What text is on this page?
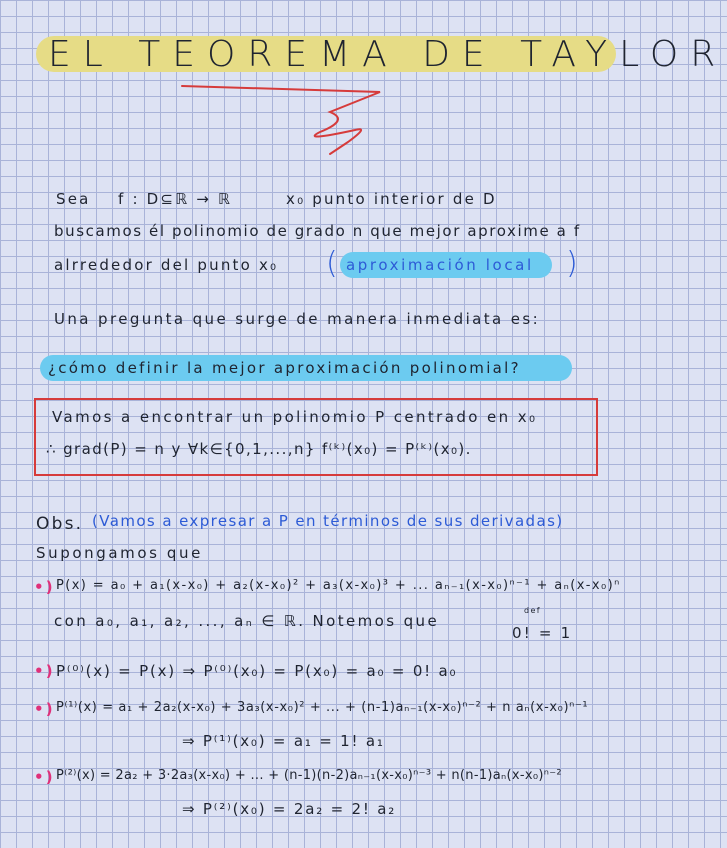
EL TEOREMA DE TAYLOR
Sea f : D⊆ℝ → ℝ	x₀ punto interior de D
buscamos él polinomio de grado n que mejor aproxime a f
alrrededor del punto x₀ ( aproximación local )
Una pregunta que surge de manera inmediata es:
¿cómo definir la mejor aproximación polinomial?
Vamos a encontrar un polinomio P centrado en x₀
∴ grad(P) = n y ∀k∈{0,1,...,n} f⁽ᵏ⁾(x₀) = P⁽ᵏ⁾(x₀).
Obs. (Vamos a expresar a P en términos de sus derivadas)
Supongamos que
•) P(x) = a₀ + a₁(x-x₀) + a₂(x-x₀)² + a₃(x-x₀)³ + ... aₙ₋₁(x-x₀)ⁿ⁻¹ + aₙ(x-x₀)ⁿ
con a₀, a₁, a₂, ..., aₙ ∈ ℝ. Notemos que
def
0! = 1
•) P⁽⁰⁾(x) = P(x) ⇒ P⁽⁰⁾(x₀) = P(x₀) = a₀ = 0! a₀
•) P⁽¹⁾(x) = a₁ + 2a₂(x-x₀) + 3a₃(x-x₀)² + ... + (n-1)aₙ₋₁(x-x₀)ⁿ⁻² + n aₙ(x-x₀)ⁿ⁻¹
⇒ P⁽¹⁾(x₀) = a₁ = 1! a₁
•) P⁽²⁾(x) = 2a₂ + 3·2a₃(x-x₀) + ... + (n-1)(n-2)aₙ₋₁(x-x₀)ⁿ⁻³ + n(n-1)aₙ(x-x₀)ⁿ⁻²
⇒ P⁽²⁾(x₀) = 2a₂ = 2! a₂
